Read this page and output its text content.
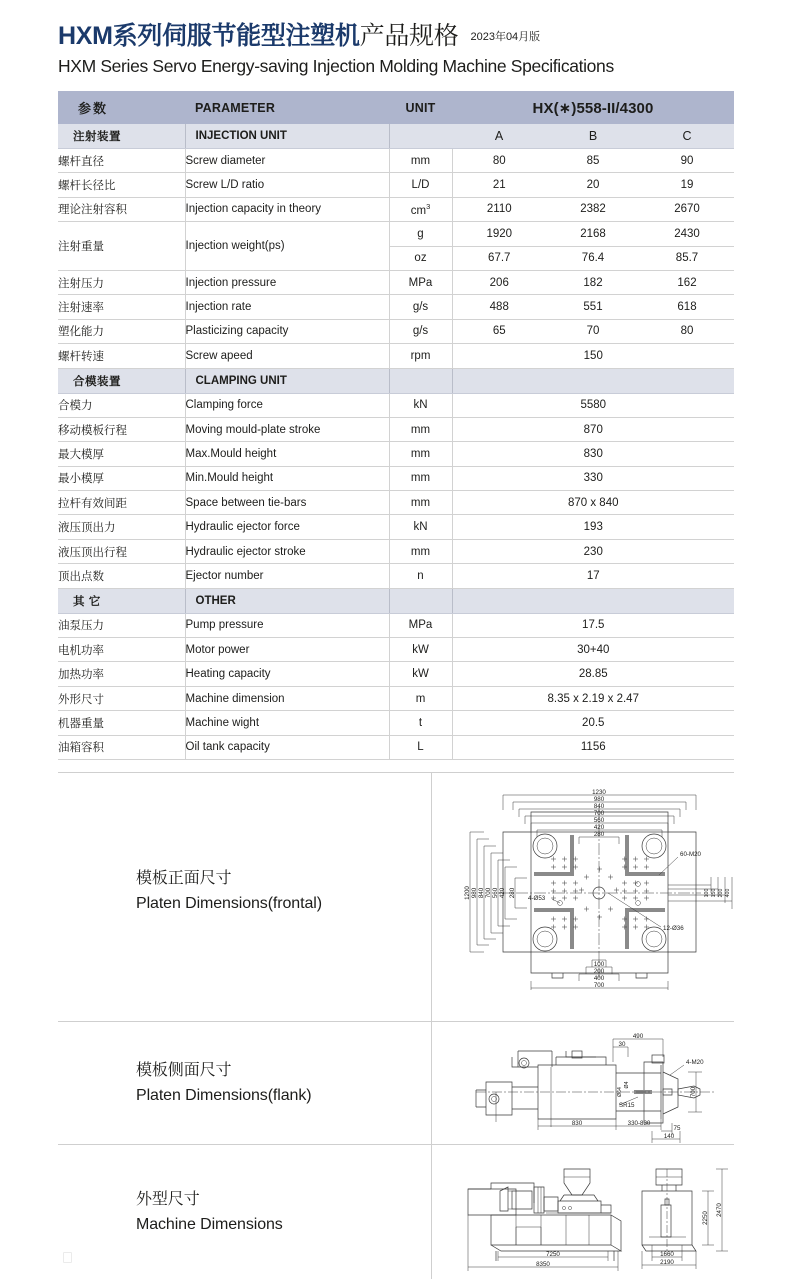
HXM系列伺服节能型注塑机产品规格 $^{2023年04月版}$
HXM Series Servo Energy-saving Injection Molding Machine Specifications
参数	PARAMETER	UNIT	HX(∗)558-II/4300		
注射装置	INJECTION UNIT		A	B	C
螺杆直径	Screw diameter	mm	80	85	90
螺杆长径比	Screw L/D ratio	L/D	21	20	19
理论注射容积	Injection capacity in theory	$cm^3$	2110	2382	2670
注射重量	Injection weight(ps)	g	1920	2168	2430
		oz	67.7	76.4	85.7
注射压力	Injection pressure	MPa	206	182	162
注射速率	Injection rate	g/s	488	551	618
塑化能力	Plasticizing capacity	g/s	65	70	80
螺杆转速	Screw apeed	rpm	150		
合模装置	CLAMPING UNIT				
合模力	Clamping force	kN	5580		
移动模板行程	Moving mould-plate stroke	mm	870		
最大模厚	Max.Mould height	mm	830		
最小模厚	Min.Mould height	mm	330		
拉杆有效间距	Space between tie-bars	mm	870 x 840		
液压顶出力	Hydraulic ejector force	kN	193		
液压顶出行程	Hydraulic ejector stroke	mm	230		
顶出点数	Ejector number	n	17		
其 它	OTHER				
油泵压力	Pump pressure	MPa	17.5		
电机功率	Motor power	kW	30+40		
加热功率	Heating capacity	kW	28.85		
外形尺寸	Machine dimension	m	8.35 x 2.19 x 2.47		
机器重量	Machine wight	t	20.5		
油箱容积	Oil tank capacity	L	1156		
模板正面尺寸
Platen Dimensions(frontal)
1230
980
840
700
560
420
280
1200 980 840 700 560 420 280	100 150 200 400
100
200
400
700
60-M20
12-Ø36
4-Ø53
模板侧面尺寸
Platen Dimensions(flank)
490
30
700
830	330-830
75
140
4-M20
Ø4
Ø64
SR15
外型尺寸
Machine Dimensions
7250
8350
1660
2190
2250
2470
